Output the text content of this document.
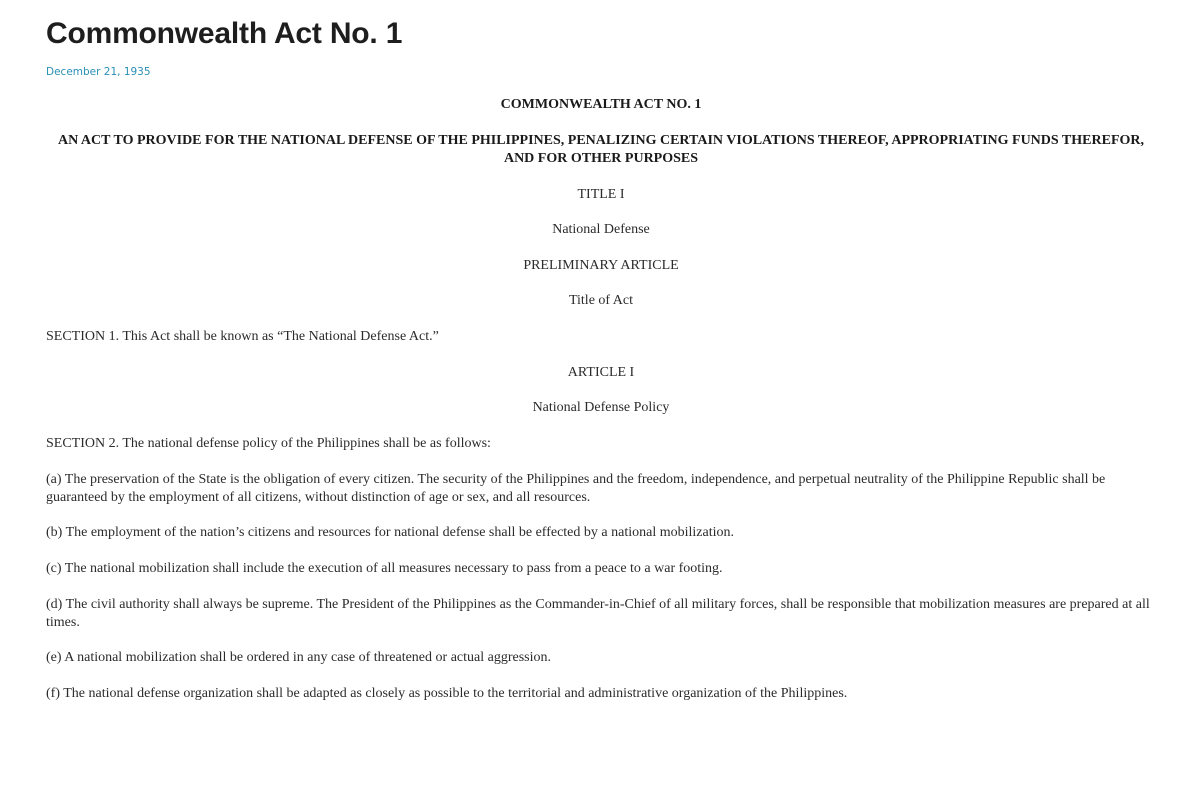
Commonwealth Act No. 1
December 21, 1935
COMMONWEALTH ACT NO. 1
AN ACT TO PROVIDE FOR THE NATIONAL DEFENSE OF THE PHILIPPINES, PENALIZING CERTAIN VIOLATIONS THEREOF, APPROPRIATING FUNDS THEREFOR, AND FOR OTHER PURPOSES
TITLE I
National Defense
PRELIMINARY ARTICLE
Title of Act
SECTION 1. This Act shall be known as “The National Defense Act.”
ARTICLE I
National Defense Policy
SECTION 2. The national defense policy of the Philippines shall be as follows:
(a) The preservation of the State is the obligation of every citizen. The security of the Philippines and the freedom, independence, and perpetual neutrality of the Philippine Republic shall be guaranteed by the employment of all citizens, without distinction of age or sex, and all resources.
(b) The employment of the nation’s citizens and resources for national defense shall be effected by a national mobilization.
(c) The national mobilization shall include the execution of all measures necessary to pass from a peace to a war footing.
(d) The civil authority shall always be supreme. The President of the Philippines as the Commander-in-Chief of all military forces, shall be responsible that mobilization measures are prepared at all times.
(e) A national mobilization shall be ordered in any case of threatened or actual aggression.
(f) The national defense organization shall be adapted as closely as possible to the territorial and administrative organization of the Philippines.
